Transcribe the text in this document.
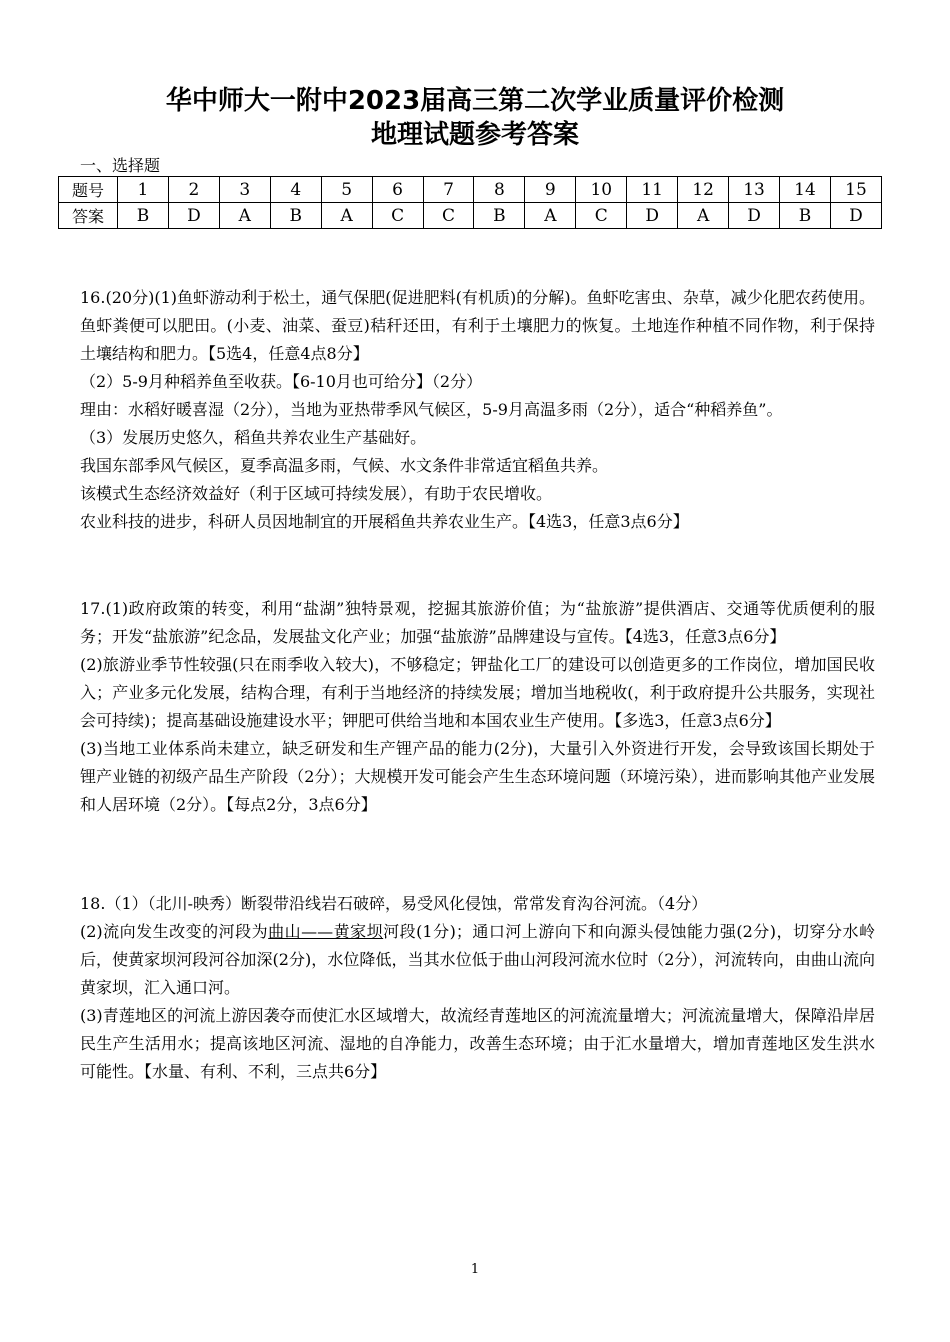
华中师大一附中2023届高三第二次学业质量评价检测
地理试题参考答案
一、选择题
题号	1	2	3	4	5	6	7	8	9	10	11	12	13	14	15
答案	B	D	A	B	A	C	C	B	A	C	D	A	D	B	D

16.(20分)(1)鱼虾游动利于松土，通气保肥(促进肥料(有机质)的分解)。鱼虾吃害虫、杂草，减少化肥农药使用。鱼虾粪便可以肥田。(小麦、油菜、蚕豆)秸秆还田，有利于土壤肥力的恢复。土地连作种植不同作物，利于保持土壤结构和肥力。【5选4，任意4点8分】

（2）5-9月种稻养鱼至收获。【6-10月也可给分】（2分）

理由：水稻好暖喜湿（2分），当地为亚热带季风气候区，5-9月高温多雨（2分），适合“种稻养鱼”。

（3）发展历史悠久，稻鱼共养农业生产基础好。

我国东部季风气候区，夏季高温多雨，气候、水文条件非常适宜稻鱼共养。

该模式生态经济效益好（利于区域可持续发展），有助于农民增收。

农业科技的进步，科研人员因地制宜的开展稻鱼共养农业生产。【4选3，任意3点6分】

17.(1)政府政策的转变，利用“盐湖”独特景观，挖掘其旅游价值；为“盐旅游”提供酒店、交通等优质便利的服务；开发“盐旅游”纪念品，发展盐文化产业；加强“盐旅游”品牌建设与宣传。【4选3，任意3点6分】

(2)旅游业季节性较强(只在雨季收入较大)，不够稳定；钾盐化工厂的建设可以创造更多的工作岗位，增加国民收入；产业多元化发展，结构合理，有利于当地经济的持续发展；增加当地税收(，利于政府提升公共服务，实现社会可持续)；提高基础设施建设水平；钾肥可供给当地和本国农业生产使用。【多选3，任意3点6分】

(3)当地工业体系尚未建立，缺乏研发和生产锂产品的能力(2分)，大量引入外资进行开发，会导致该国长期处于锂产业链的初级产品生产阶段（2分）；大规模开发可能会产生生态环境问题（环境污染），进而影响其他产业发展和人居环境（2分）。【每点2分，3点6分】

18.（1）（北川-映秀）断裂带沿线岩石破碎，易受风化侵蚀，常常发育沟谷河流。（4分）

(2)流向发生改变的河段为曲山——黄家坝河段(1分)；通口河上游向下和向源头侵蚀能力强(2分)，切穿分水岭后，使黄家坝河段河谷加深(2分)，水位降低，当其水位低于曲山河段河流水位时（2分），河流转向，由曲山流向黄家坝，汇入通口河。

(3)青莲地区的河流上游因袭夺而使汇水区域增大，故流经青莲地区的河流流量增大；河流流量增大，保障沿岸居民生产生活用水；提高该地区河流、湿地的自净能力，改善生态环境；由于汇水量增大，增加青莲地区发生洪水可能性。【水量、有利、不利，三点共6分】

1
